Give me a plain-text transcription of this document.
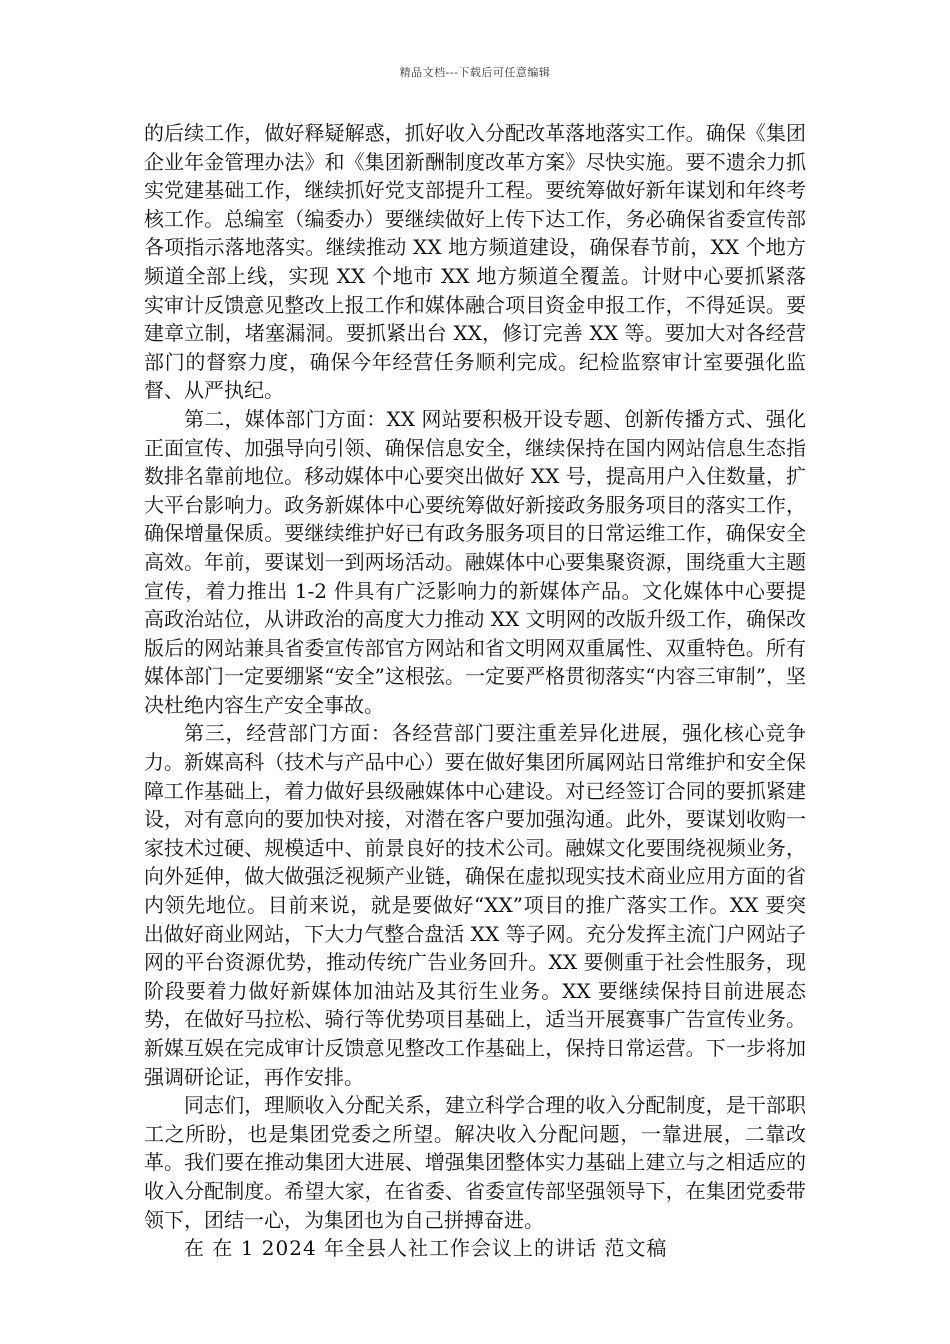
精品文档---下载后可任意编辑

的后续工作，做好释疑解惑，抓好收入分配改革落地落实工作。确保《集团企业年金管理办法》和《集团新酬制度改革方案》尽快实施。要不遗余力抓实党建基础工作，继续抓好党支部提升工程。要统筹做好新年谋划和年终考核工作。总编室（编委办）要继续做好上传下达工作，务必确保省委宣传部各项指示落地落实。继续推动 XX 地方频道建设，确保春节前，XX 个地方频道全部上线，实现 XX 个地市 XX 地方频道全覆盖。计财中心要抓紧落实审计反馈意见整改上报工作和媒体融合项目资金申报工作，不得延误。要建章立制，堵塞漏洞。要抓紧出台 XX，修订完善 XX 等。要加大对各经营部门的督察力度，确保今年经营任务顺利完成。纪检监察审计室要强化监督、从严执纪。

第二，媒体部门方面：XX 网站要积极开设专题、创新传播方式、强化正面宣传、加强导向引领、确保信息安全，继续保持在国内网站信息生态指数排名靠前地位。移动媒体中心要突出做好 XX 号，提高用户入住数量，扩大平台影响力。政务新媒体中心要统筹做好新接政务服务项目的落实工作，确保增量保质。要继续维护好已有政务服务项目的日常运维工作，确保安全高效。年前，要谋划一到两场活动。融媒体中心要集聚资源，围绕重大主题宣传，着力推出 1-2 件具有广泛影响力的新媒体产品。文化媒体中心要提高政治站位，从讲政治的高度大力推动 XX 文明网的改版升级工作，确保改版后的网站兼具省委宣传部官方网站和省文明网双重属性、双重特色。所有媒体部门一定要绷紧“安全”这根弦。一定要严格贯彻落实“内容三审制”，坚决杜绝内容生产安全事故。

第三，经营部门方面：各经营部门要注重差异化进展，强化核心竞争力。新媒高科（技术与产品中心）要在做好集团所属网站日常维护和安全保障工作基础上，着力做好县级融媒体中心建设。对已经签订合同的要抓紧建设，对有意向的要加快对接，对潜在客户要加强沟通。此外，要谋划收购一家技术过硬、规模适中、前景良好的技术公司。融媒文化要围绕视频业务，向外延伸，做大做强泛视频产业链，确保在虚拟现实技术商业应用方面的省内领先地位。目前来说，就是要做好“XX”项目的推广落实工作。XX 要突出做好商业网站，下大力气整合盘活 XX 等子网。充分发挥主流门户网站子网的平台资源优势，推动传统广告业务回升。XX 要侧重于社会性服务，现阶段要着力做好新媒体加油站及其衍生业务。XX 要继续保持目前进展态势，在做好马拉松、骑行等优势项目基础上，适当开展赛事广告宣传业务。新媒互娱在完成审计反馈意见整改工作基础上，保持日常运营。下一步将加强调研论证，再作安排。

同志们，理顺收入分配关系，建立科学合理的收入分配制度，是干部职工之所盼，也是集团党委之所望。解决收入分配问题，一靠进展，二靠改革。我们要在推动集团大进展、增强集团整体实力基础上建立与之相适应的收入分配制度。希望大家，在省委、省委宣传部坚强领导下，在集团党委带领下，团结一心，为集团也为自己拼搏奋进。

在 在 1 2024 年全县人社工作会议上的讲话 范文稿
